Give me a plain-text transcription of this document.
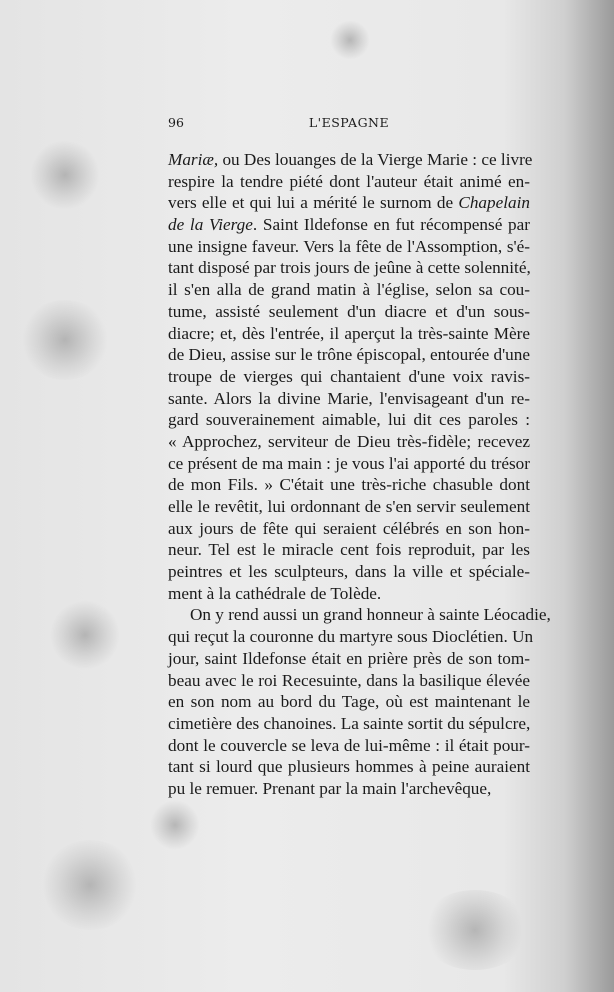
96	L'ESPAGNE
Mariæ, ou Des louanges de la Vierge Marie : ce livre
respire la tendre piété dont l'auteur était animé en-
vers elle et qui lui a mérité le surnom de Chapelain
de la Vierge. Saint Ildefonse en fut récompensé par
une insigne faveur. Vers la fête de l'Assomption, s'é-
tant disposé par trois jours de jeûne à cette solennité,
il s'en alla de grand matin à l'église, selon sa cou-
tume, assisté seulement d'un diacre et d'un sous-
diacre; et, dès l'entrée, il aperçut la très-sainte Mère
de Dieu, assise sur le trône épiscopal, entourée d'une
troupe de vierges qui chantaient d'une voix ravis-
sante. Alors la divine Marie, l'envisageant d'un re-
gard souverainement aimable, lui dit ces paroles :
« Approchez, serviteur de Dieu très-fidèle; recevez
ce présent de ma main : je vous l'ai apporté du trésor
de mon Fils. » C'était une très-riche chasuble dont
elle le revêtit, lui ordonnant de s'en servir seulement
aux jours de fête qui seraient célébrés en son hon-
neur. Tel est le miracle cent fois reproduit, par les
peintres et les sculpteurs, dans la ville et spéciale-
ment à la cathédrale de Tolède.
On y rend aussi un grand honneur à sainte Léocadie,
qui reçut la couronne du martyre sous Dioclétien. Un
jour, saint Ildefonse était en prière près de son tom-
beau avec le roi Recesuinte, dans la basilique élevée
en son nom au bord du Tage, où est maintenant le
cimetière des chanoines. La sainte sortit du sépulcre,
dont le couvercle se leva de lui-même : il était pour-
tant si lourd que plusieurs hommes à peine auraient
pu le remuer. Prenant par la main l'archevêque,
